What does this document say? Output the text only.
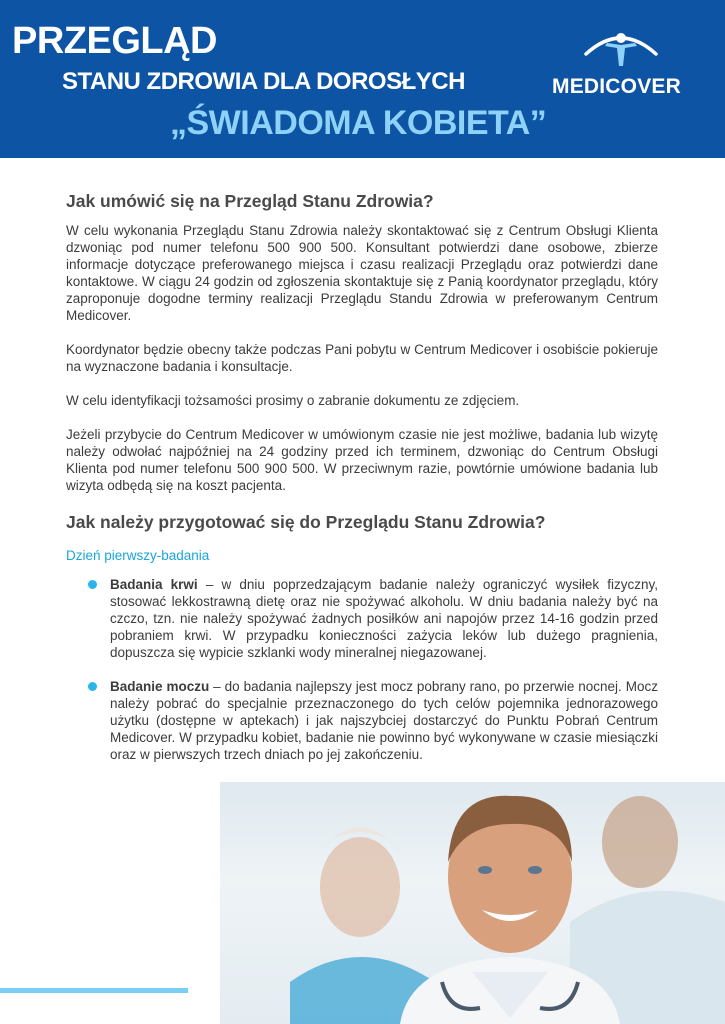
PRZEGLĄD
STANU ZDROWIA DLA DOROSŁYCH
„ŚWIADOMA KOBIETA”
MEDICOVER
Jak umówić się na Przegląd Stanu Zdrowia?

W celu wykonania Przeglądu Stanu Zdrowia należy skontaktować się z Centrum Obsługi Klienta dzwoniąc pod numer telefonu 500 900 500. Konsultant potwierdzi dane osobowe, zbierze informacje dotyczące preferowanego miejsca i czasu realizacji Przeglądu oraz potwierdzi dane kontaktowe. W ciągu 24 godzin od zgłoszenia skontaktuje się z Panią koordynator przeglądu, który zaproponuje dogodne terminy realizacji Przeglądu Standu Zdrowia w preferowanym Centrum Medicover.

Koordynator będzie obecny także podczas Pani pobytu w Centrum Medicover i osobiście pokieruje na wyznaczone badania i konsultacje.

W celu identyfikacji tożsamości prosimy o zabranie dokumentu ze zdjęciem.

Jeżeli przybycie do Centrum Medicover w umówionym czasie nie jest możliwe, badania lub wizytę należy odwołać najpóźniej na 24 godziny przed ich terminem, dzwoniąc do Centrum Obsługi Klienta pod numer telefonu 500 900 500. W przeciwnym razie, powtórnie umówione badania lub wizyta odbędą się na koszt pacjenta.

Jak należy przygotować się do Przeglądu Stanu Zdrowia?
Dzień pierwszy-badania
Badania krwi – w dniu poprzedzającym badanie należy ograniczyć wysiłek fizyczny, stosować lekkostrawną dietę oraz nie spożywać alkoholu. W dniu badania należy być na czczo, tzn. nie należy spożywać żadnych posiłków ani napojów przez 14-16 godzin przed pobraniem krwi. W przypadku konieczności zażycia leków lub dużego pragnienia, dopuszcza się wypicie szklanki wody mineralnej niegazowanej.
Badanie moczu – do badania najlepszy jest mocz pobrany rano, po przerwie nocnej. Mocz należy pobrać do specjalnie przeznaczonego do tych celów pojemnika jednorazowego użytku (dostępne w aptekach) i jak najszybciej dostarczyć do Punktu Pobrań Centrum Medicover. W przypadku kobiet, badanie nie powinno być wykonywane w czasie miesiączki oraz w pierwszych trzech dniach po jej zakończeniu.
